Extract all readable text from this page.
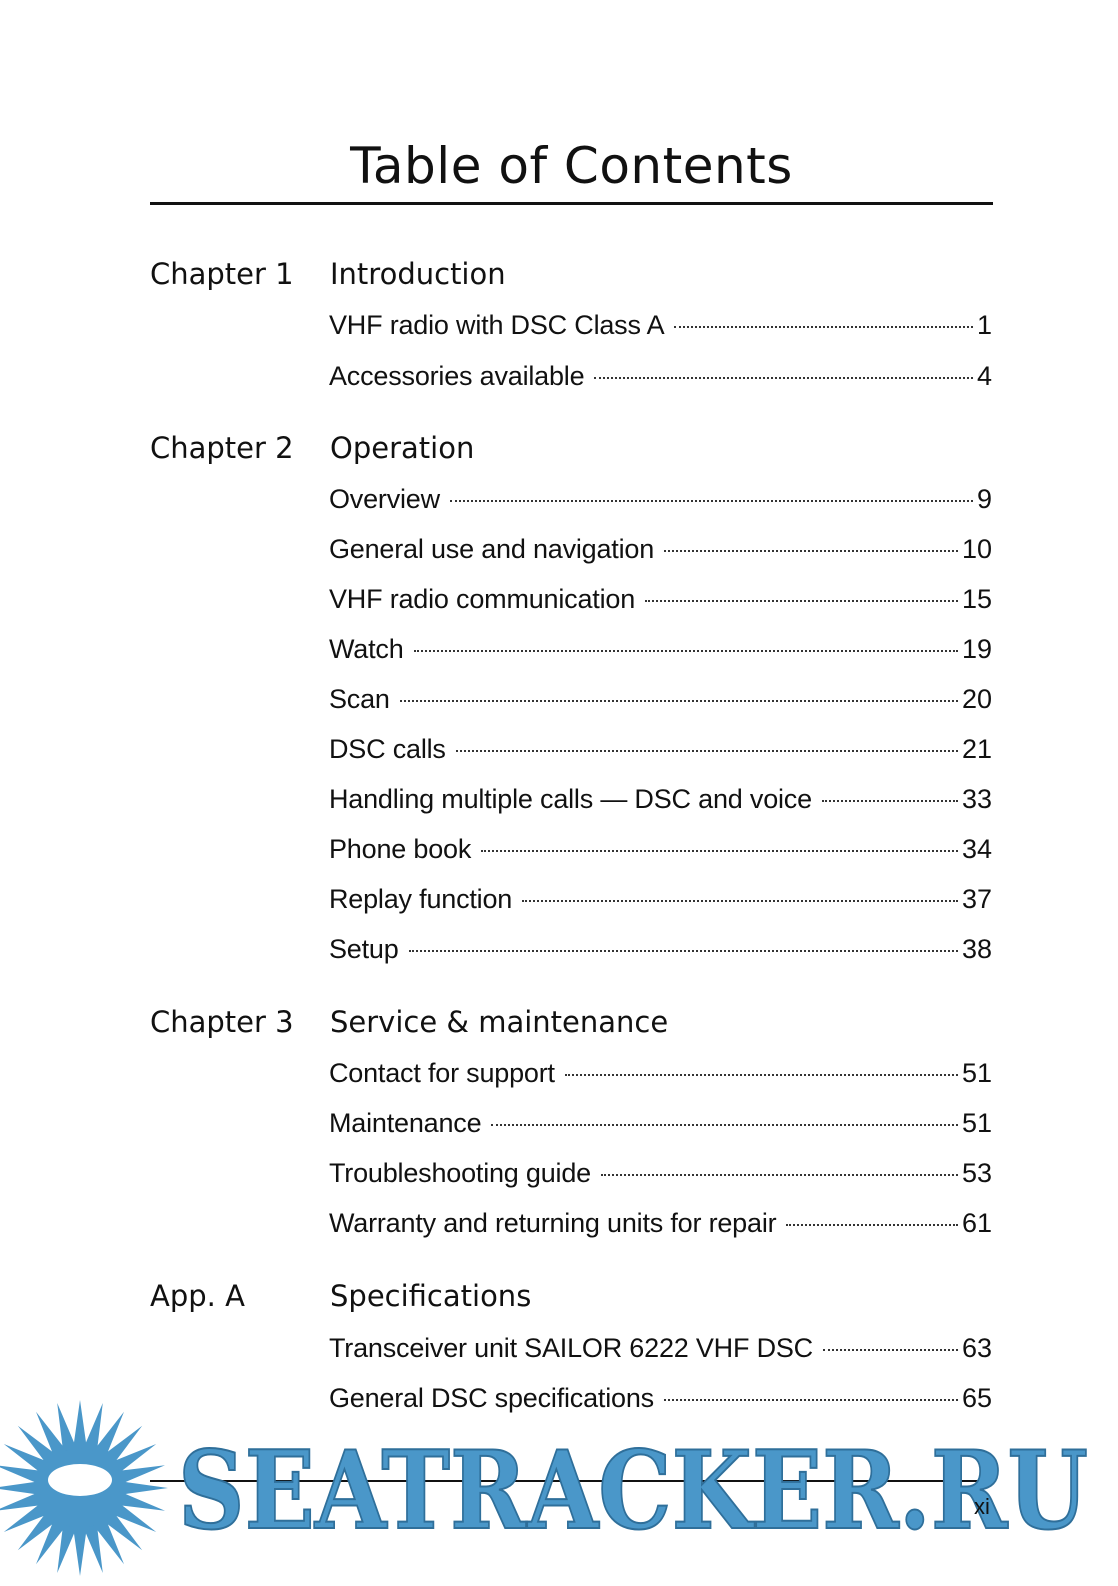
Table of Contents
Chapter 1 Introduction
VHF radio with DSC Class A	1
Accessories available	4
Chapter 2 Operation
Overview	9
General use and navigation	10
VHF radio communication	15
Watch	19
Scan	20
DSC calls	21
Handling multiple calls — DSC and voice	33
Phone book	34
Replay function	37
Setup	38
Chapter 3 Service & maintenance
Contact for support	51
Maintenance	51
Troubleshooting guide	53
Warranty and returning units for repair	61
App. A	Specifications
Transceiver unit SAILOR 6222 VHF DSC	63
General DSC specifications	65
SEATRACKER.RU
xi
